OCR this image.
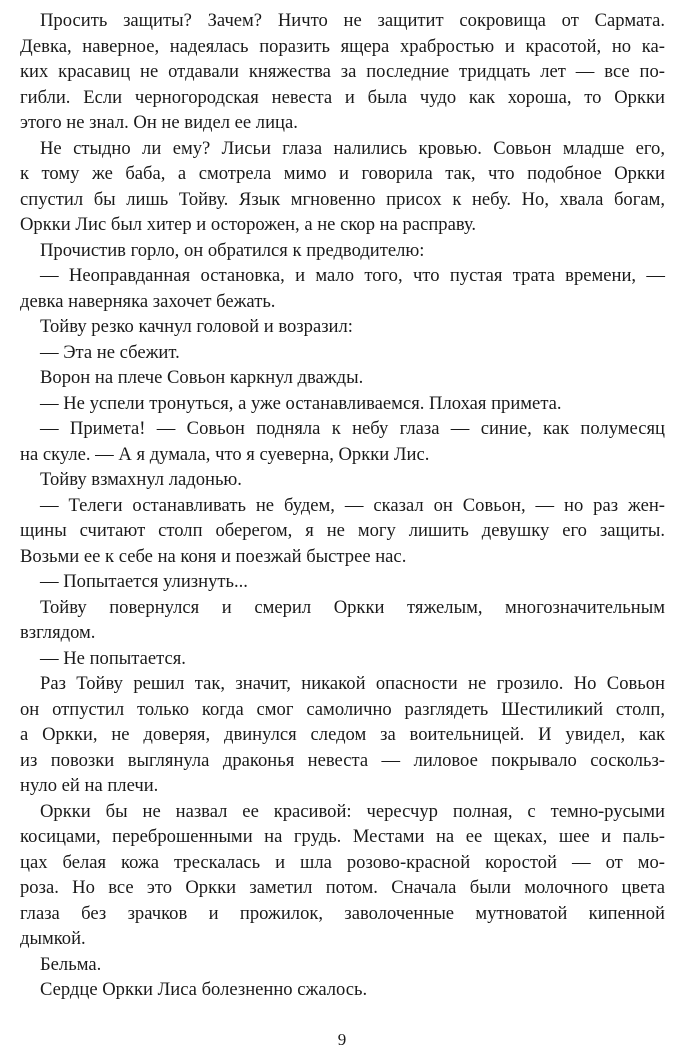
Просить защиты? Зачем? Ничто не защитит сокровища от Сармата.
Девка, наверное, надеялась поразить ящера храбростью и красотой, но ка-
ких красавиц не отдавали княжества за последние тридцать лет — все по-
гибли. Если черногородская невеста и была чудо как хороша, то Оркки
этого не знал. Он не видел ее лица.

Не стыдно ли ему? Лисьи глаза налились кровью. Совьон младше его,
к тому же баба, а смотрела мимо и говорила так, что подобное Оркки
спустил бы лишь Тойву. Язык мгновенно присох к небу. Но, хвала богам,
Оркки Лис был хитер и осторожен, а не скор на расправу.

Прочистив горло, он обратился к предводителю:

— Неоправданная остановка, и мало того, что пустая трата времени, —
девка наверняка захочет бежать.

Тойву резко качнул головой и возразил:

— Эта не сбежит.

Ворон на плече Совьон каркнул дважды.

— Не успели тронуться, а уже останавливаемся. Плохая примета.

— Примета! — Совьон подняла к небу глаза — синие, как полумесяц
на скуле. — А я думала, что я суеверна, Оркки Лис.

Тойву взмахнул ладонью.

— Телеги останавливать не будем, — сказал он Совьон, — но раз жен-
щины считают столп оберегом, я не могу лишить девушку его защиты.
Возьми ее к себе на коня и поезжай быстрее нас.

— Попытается улизнуть...

Тойву повернулся и смерил Оркки тяжелым, многозначительным
взглядом.

— Не попытается.

Раз Тойву решил так, значит, никакой опасности не грозило. Но Совьон
он отпустил только когда смог самолично разглядеть Шестиликий столп,
а Оркки, не доверяя, двинулся следом за воительницей. И увидел, как
из повозки выглянула драконья невеста — лиловое покрывало соскольз-
нуло ей на плечи.

Оркки бы не назвал ее красивой: чересчур полная, с темно-русыми
косицами, переброшенными на грудь. Местами на ее щеках, шее и паль-
цах белая кожа трескалась и шла розово-красной коростой — от мо-
роза. Но все это Оркки заметил потом. Сначала были молочного цвета
глаза без зрачков и прожилок, заволоченные мутноватой кипенной
дымкой.

Бельма.

Сердце Оркки Лиса болезненно сжалось.

9
